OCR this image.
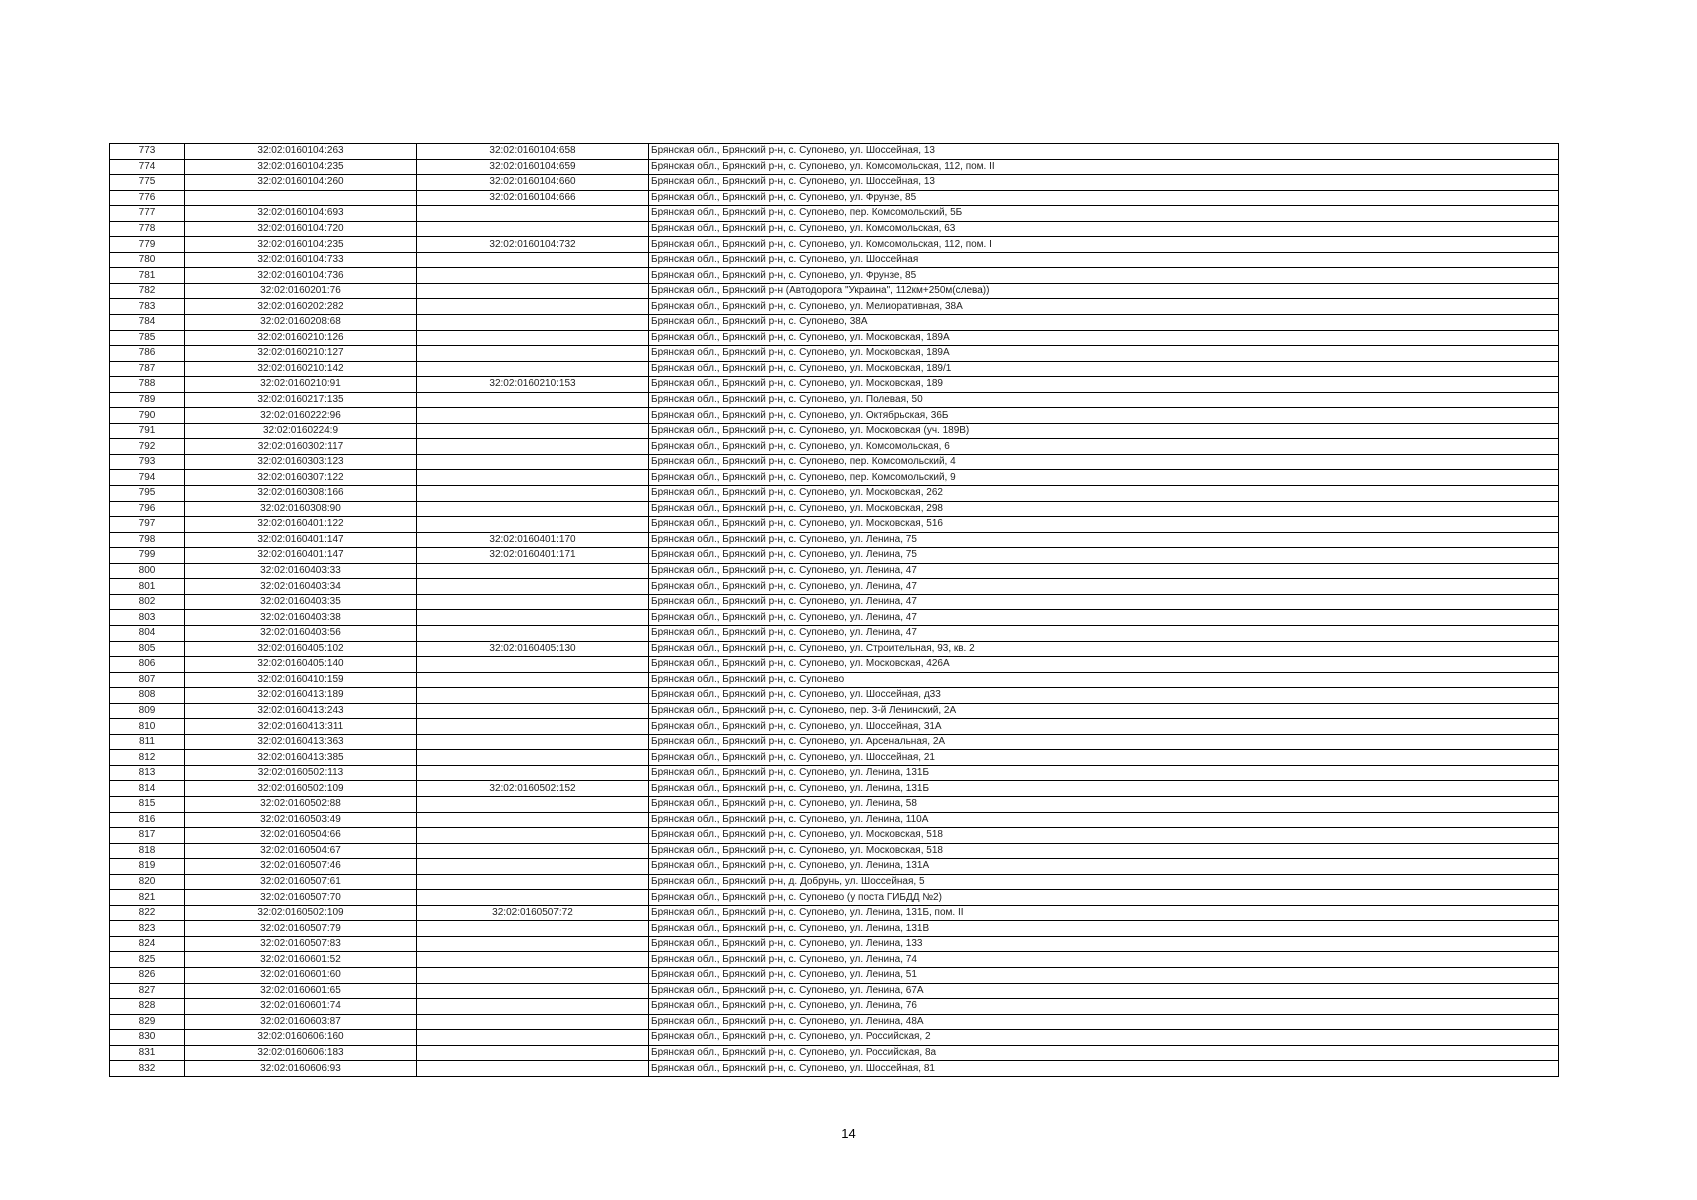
773	32:02:0160104:263	32:02:0160104:658	Брянская обл., Брянский р-н, с. Супонево, ул. Шоссейная, 13
774	32:02:0160104:235	32:02:0160104:659	Брянская обл., Брянский р-н, с. Супонево, ул. Комсомольская, 112, пом. II
775	32:02:0160104:260	32:02:0160104:660	Брянская обл., Брянский р-н, с. Супонево, ул. Шоссейная, 13
776		32:02:0160104:666	Брянская обл., Брянский р-н, с. Супонево, ул. Фрунзе, 85
777	32:02:0160104:693		Брянская обл., Брянский р-н, с. Супонево, пер. Комсомольский, 5Б
778	32:02:0160104:720		Брянская обл., Брянский р-н, с. Супонево, ул. Комсомольская, 63
779	32:02:0160104:235	32:02:0160104:732	Брянская обл., Брянский р-н, с. Супонево, ул. Комсомольская, 112, пом. I
780	32:02:0160104:733		Брянская обл., Брянский р-н, с. Супонево, ул. Шоссейная
781	32:02:0160104:736		Брянская обл., Брянский р-н, с. Супонево, ул. Фрунзе, 85
782	32:02:0160201:76		Брянская обл., Брянский р-н (Автодорога "Украина", 112км+250м(слева))
783	32:02:0160202:282		Брянская обл., Брянский р-н, с. Супонево, ул. Мелиоративная, 38А
784	32:02:0160208:68		Брянская обл., Брянский р-н, с. Супонево, 38А
785	32:02:0160210:126		Брянская обл., Брянский р-н, с. Супонево, ул. Московская, 189А
786	32:02:0160210:127		Брянская обл., Брянский р-н, с. Супонево, ул. Московская, 189А
787	32:02:0160210:142		Брянская обл., Брянский р-н, с. Супонево, ул. Московская, 189/1
788	32:02:0160210:91	32:02:0160210:153	Брянская обл., Брянский р-н, с. Супонево, ул. Московская, 189
789	32:02:0160217:135		Брянская обл., Брянский р-н, с. Супонево, ул. Полевая, 50
790	32:02:0160222:96		Брянская обл., Брянский р-н, с. Супонево, ул. Октябрьская, 36Б
791	32:02:0160224:9		Брянская обл., Брянский р-н, с. Супонево, ул. Московская (уч. 189В)
792	32:02:0160302:117		Брянская обл., Брянский р-н, с. Супонево, ул. Комсомольская, 6
793	32:02:0160303:123		Брянская обл., Брянский р-н, с. Супонево, пер. Комсомольский, 4
794	32:02:0160307:122		Брянская обл., Брянский р-н, с. Супонево, пер. Комсомольский, 9
795	32:02:0160308:166		Брянская обл., Брянский р-н, с. Супонево, ул. Московская, 262
796	32:02:0160308:90		Брянская обл., Брянский р-н, с. Супонево, ул. Московская, 298
797	32:02:0160401:122		Брянская обл., Брянский р-н, с. Супонево, ул. Московская, 516
798	32:02:0160401:147	32:02:0160401:170	Брянская обл., Брянский р-н, с. Супонево, ул. Ленина, 75
799	32:02:0160401:147	32:02:0160401:171	Брянская обл., Брянский р-н, с. Супонево, ул. Ленина, 75
800	32:02:0160403:33		Брянская обл., Брянский р-н, с. Супонево, ул. Ленина, 47
801	32:02:0160403:34		Брянская обл., Брянский р-н, с. Супонево, ул. Ленина, 47
802	32:02:0160403:35		Брянская обл., Брянский р-н, с. Супонево, ул. Ленина, 47
803	32:02:0160403:38		Брянская обл., Брянский р-н, с. Супонево, ул. Ленина, 47
804	32:02:0160403:56		Брянская обл., Брянский р-н, с. Супонево, ул. Ленина, 47
805	32:02:0160405:102	32:02:0160405:130	Брянская обл., Брянский р-н, с. Супонево, ул. Строительная, 93, кв. 2
806	32:02:0160405:140		Брянская обл., Брянский р-н, с. Супонево, ул. Московская, 426А
807	32:02:0160410:159		Брянская обл., Брянский р-н, с. Супонево
808	32:02:0160413:189		Брянская обл., Брянский р-н, с. Супонево, ул. Шоссейная, д33
809	32:02:0160413:243		Брянская обл., Брянский р-н, с. Супонево, пер. 3-й Ленинский, 2А
810	32:02:0160413:311		Брянская обл., Брянский р-н, с. Супонево, ул. Шоссейная, 31А
811	32:02:0160413:363		Брянская обл., Брянский р-н, с. Супонево, ул. Арсенальная, 2А
812	32:02:0160413:385		Брянская обл., Брянский р-н, с. Супонево, ул. Шоссейная, 21
813	32:02:0160502:113		Брянская обл., Брянский р-н, с. Супонево, ул. Ленина, 131Б
814	32:02:0160502:109	32:02:0160502:152	Брянская обл., Брянский р-н, с. Супонево, ул. Ленина, 131Б
815	32:02:0160502:88		Брянская обл., Брянский р-н, с. Супонево, ул. Ленина, 58
816	32:02:0160503:49		Брянская обл., Брянский р-н, с. Супонево, ул. Ленина, 110А
817	32:02:0160504:66		Брянская обл., Брянский р-н, с. Супонево, ул. Московская, 518
818	32:02:0160504:67		Брянская обл., Брянский р-н, с. Супонево, ул. Московская, 518
819	32:02:0160507:46		Брянская обл., Брянский р-н, с. Супонево, ул. Ленина, 131А
820	32:02:0160507:61		Брянская обл., Брянский р-н, д. Добрунь, ул. Шоссейная, 5
821	32:02:0160507:70		Брянская обл., Брянский р-н, с. Супонево (у поста ГИБДД №2)
822	32:02:0160502:109	32:02:0160507:72	Брянская обл., Брянский р-н, с. Супонево, ул. Ленина, 131Б, пом. II
823	32:02:0160507:79		Брянская обл., Брянский р-н, с. Супонево, ул. Ленина, 131В
824	32:02:0160507:83		Брянская обл., Брянский р-н, с. Супонево, ул. Ленина, 133
825	32:02:0160601:52		Брянская обл., Брянский р-н, с. Супонево, ул. Ленина, 74
826	32:02:0160601:60		Брянская обл., Брянский р-н, с. Супонево, ул. Ленина, 51
827	32:02:0160601:65		Брянская обл., Брянский р-н, с. Супонево, ул. Ленина, 67А
828	32:02:0160601:74		Брянская обл., Брянский р-н, с. Супонево, ул. Ленина, 76
829	32:02:0160603:87		Брянская обл., Брянский р-н, с. Супонево, ул. Ленина, 48А
830	32:02:0160606:160		Брянская обл., Брянский р-н, с. Супонево, ул. Российская, 2
831	32:02:0160606:183		Брянская обл., Брянский р-н, с. Супонево, ул. Российская, 8а
832	32:02:0160606:93		Брянская обл., Брянский р-н, с. Супонево, ул. Шоссейная, 81
14
